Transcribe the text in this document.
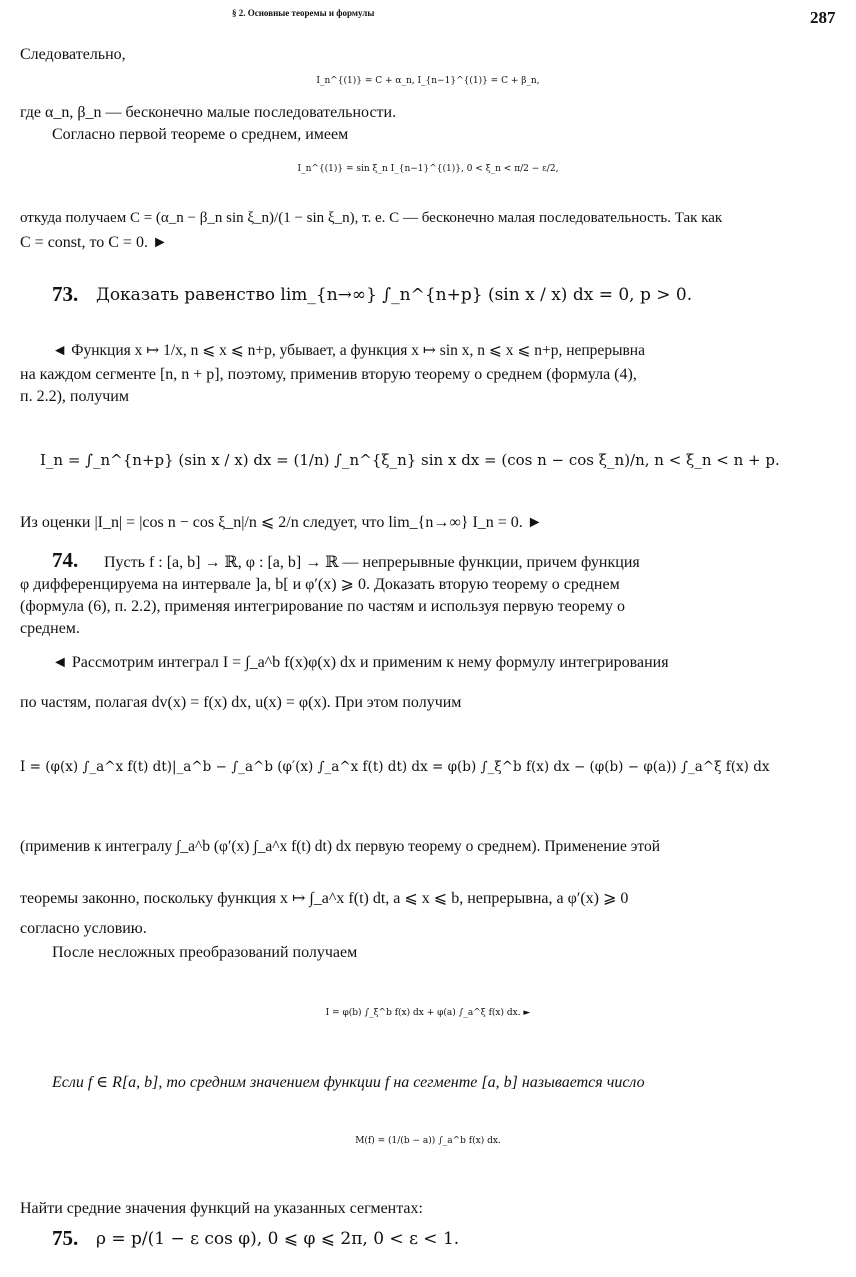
§ 2. Основные теоремы и формулы	287
Следовательно,
I_n^{(1)} = C + α_n, I_{n−1}^{(1)} = C + β_n,
где α_n, β_n — бесконечно малые последовательности.
Согласно первой теореме о среднем, имеем
I_n^{(1)} = sin ξ_n I_{n−1}^{(1)}, 0 < ξ_n < π/2 − ε/2,
откуда получаем C = (α_n − β_n sin ξ_n)/(1 − sin ξ_n), т. е. C — бесконечно малая последовательность. Так как
C = const, то C = 0. ►
73. Доказать равенство lim_{n→∞} ∫_n^{n+p} (sin x / x) dx = 0, p > 0.
◄ Функция x ↦ 1/x, n ⩽ x ⩽ n+p, убывает, а функция x ↦ sin x, n ⩽ x ⩽ n+p, непрерывна
на каждом сегменте [n, n + p], поэтому, применив вторую теорему о среднем (формула (4),
п. 2.2), получим
I_n = ∫_n^{n+p} (sin x / x) dx = (1/n) ∫_n^{ξ_n} sin x dx = (cos n − cos ξ_n)/n, n < ξ_n < n + p.
Из оценки |I_n| = |cos n − cos ξ_n|/n ⩽ 2/n следует, что lim_{n→∞} I_n = 0. ►
74. Пусть f : [a, b] → ℝ, φ : [a, b] → ℝ — непрерывные функции, причем функция
φ дифференцируема на интервале ]a, b[ и φ′(x) ⩾ 0. Доказать вторую теорему о среднем
(формула (6), п. 2.2), применяя интегрирование по частям и используя первую теорему о
среднем.
◄ Рассмотрим интеграл I = ∫_a^b f(x)φ(x) dx и применим к нему формулу интегрирования
по частям, полагая dv(x) = f(x) dx, u(x) = φ(x). При этом получим
I = (φ(x) ∫_a^x f(t) dt)|_a^b − ∫_a^b (φ′(x) ∫_a^x f(t) dt) dx = φ(b) ∫_ξ^b f(x) dx − (φ(b) − φ(a)) ∫_a^ξ f(x) dx
(применив к интегралу ∫_a^b (φ′(x) ∫_a^x f(t) dt) dx первую теорему о среднем). Применение этой
теоремы законно, поскольку функция x ↦ ∫_a^x f(t) dt, a ⩽ x ⩽ b, непрерывна, а φ′(x) ⩾ 0
согласно условию.
После несложных преобразований получаем
I = φ(b) ∫_ξ^b f(x) dx + φ(a) ∫_a^ξ f(x) dx. ►
Если f ∈ R[a, b], то средним значением функции f на сегменте [a, b] называется число
M(f) = (1/(b − a)) ∫_a^b f(x) dx.
Найти средние значения функций на указанных сегментах:
75. ρ = p/(1 − ε cos φ), 0 ⩽ φ ⩽ 2π, 0 < ε < 1.
